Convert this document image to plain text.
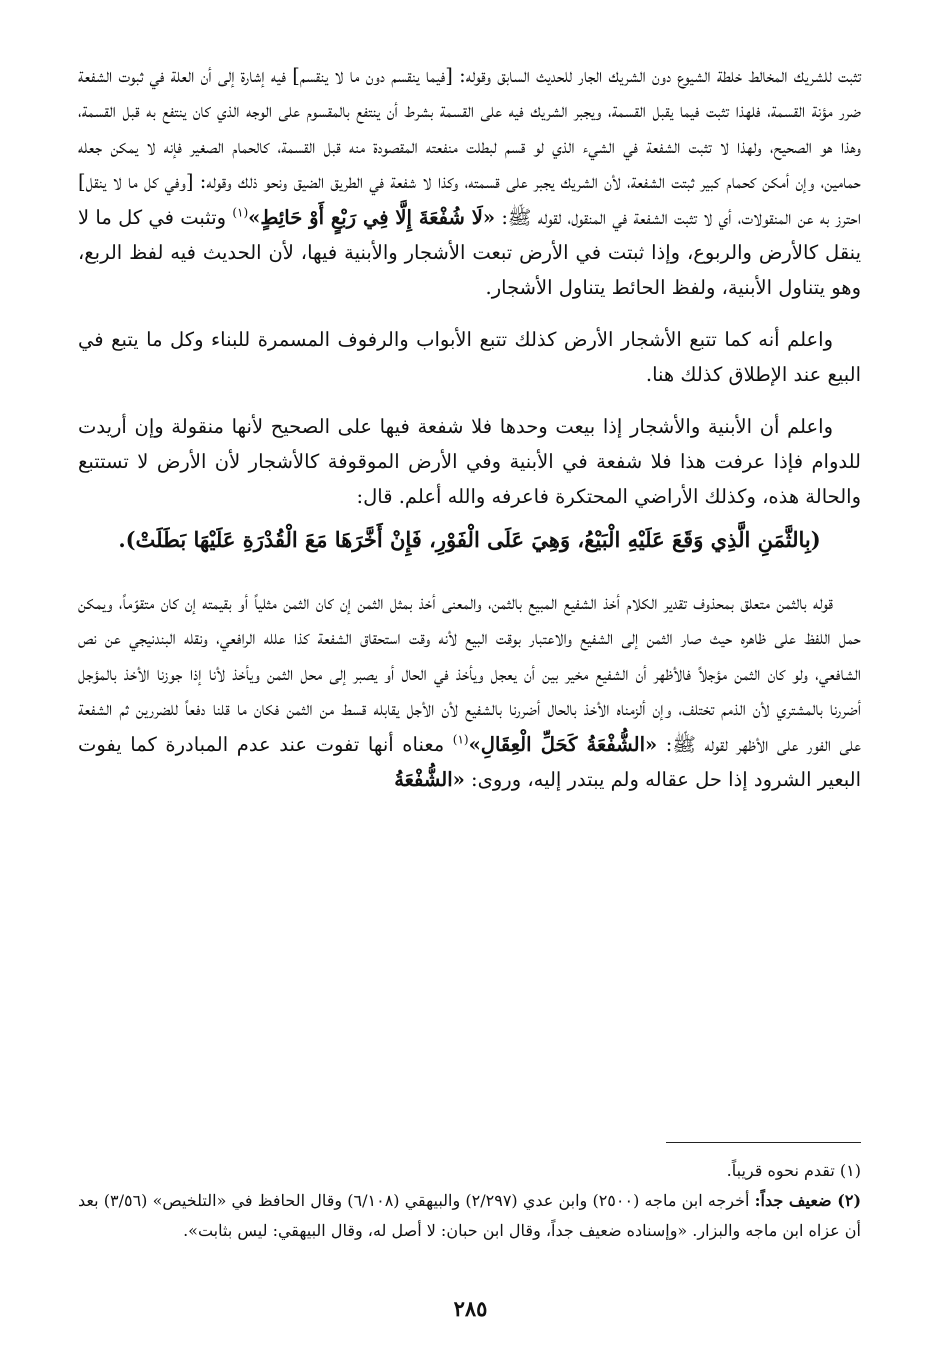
تثبت للشريك المخالط خلطة الشيوع دون الشريك الجار للحديث السابق وقوله: [فيما ينقسم دون ما لا ينقسم] فيه إشارة إلى أن العلة في ثبوت الشفعة ضرر مؤنة القسمة، فلهذا تثبت فيما يقبل القسمة، ويجبر الشريك فيه على القسمة بشرط أن ينتفع بالمقسوم على الوجه الذي كان ينتفع به قبل القسمة، وهذا هو الصحيح، ولهذا لا تثبت الشفعة في الشيء الذي لو قسم لبطلت منفعته المقصودة منه قبل القسمة، كالحمام الصغير فإنه لا يمكن جعله حمامين، وإن أمكن كحمام كبير ثبتت الشفعة، لأن الشريك يجبر على قسمته، وكذا لا شفعة في الطريق الضيق ونحو ذلك وقوله: [وفي كل ما لا ينقل] احترز به عن المنقولات، أي لا تثبت الشفعة في المنقول، لقوله ﷺ: «لَا شُفْعَةَ إِلَّا فِي رَبْعٍ أَوْ حَائِطٍ»$^{(١)}$ وتثبت في كل ما لا ينقل كالأرض والربوع، وإذا ثبتت في الأرض تبعت الأشجار والأبنية فيها، لأن الحديث فيه لفظ الربع، وهو يتناول الأبنية، ولفظ الحائط يتناول الأشجار.

واعلم أنه كما تتبع الأشجار الأرض كذلك تتبع الأبواب والرفوف المسمرة للبناء وكل ما يتبع في البيع عند الإطلاق كذلك هنا.

واعلم أن الأبنية والأشجار إذا بيعت وحدها فلا شفعة فيها على الصحيح لأنها منقولة وإن أريدت للدوام فإذا عرفت هذا فلا شفعة في الأبنية وفي الأرض الموقوفة كالأشجار لأن الأرض لا تستتبع والحالة هذه، وكذلك الأراضي المحتكرة فاعرفه والله أعلم. قال:

(بِالثَّمَنِ الَّذِي وَقَعَ عَلَيْهِ الْبَيْعُ، وَهِيَ عَلَى الْفَوْرِ، فَإِنْ أَخَّرَهَا مَعَ الْقُدْرَةِ عَلَيْهَا بَطَلَتْ).

قوله بالثمن متعلق بمحذوف تقدير الكلام أخذ الشفيع المبيع بالثمن، والمعنى أخذ بمثل الثمن إن كان الثمن مثلياً أو بقيمته إن كان متقوّماً، ويمكن حمل اللفظ على ظاهره حيث صار الثمن إلى الشفيع والاعتبار بوقت البيع لأنه وقت استحقاق الشفعة كذا علله الرافعي، ونقله البندنيجي عن نص الشافعي، ولو كان الثمن مؤجلاً فالأظهر أن الشفيع مخير بين أن يعجل ويأخذ في الحال أو يصبر إلى محل الثمن ويأخذ لأنا إذا جوزنا الأخذ بالمؤجل أضررنا بالمشتري لأن الذمم تختلف، وإن ألزمناه الأخذ بالحال أضررنا بالشفيع لأن الأجل يقابله قسط من الثمن فكان ما قلنا دفعاً للضررين ثم الشفعة على الفور على الأظهر لقوله ﷺ: «الشُّفْعَةُ كَحَلِّ الْعِقَالِ»$^{(١)}$ معناه أنها تفوت عند عدم المبادرة كما يفوت البعير الشرود إذا حل عقاله ولم يبتدر إليه، وروى: «الشُّفْعَةُ

(١) تقدم نحوه قريباً.

(٢) ضعيف جداً: أخرجه ابن ماجه (٢٥٠٠) وابن عدي (٢/٢٩٧) والبيهقي (٦/١٠٨) وقال الحافظ في «التلخيص» (٣/٥٦) بعد أن عزاه ابن ماجه والبزار. «وإسناده ضعيف جداً، وقال ابن حبان: لا أصل له، وقال البيهقي: ليس بثابت».

٢٨٥
